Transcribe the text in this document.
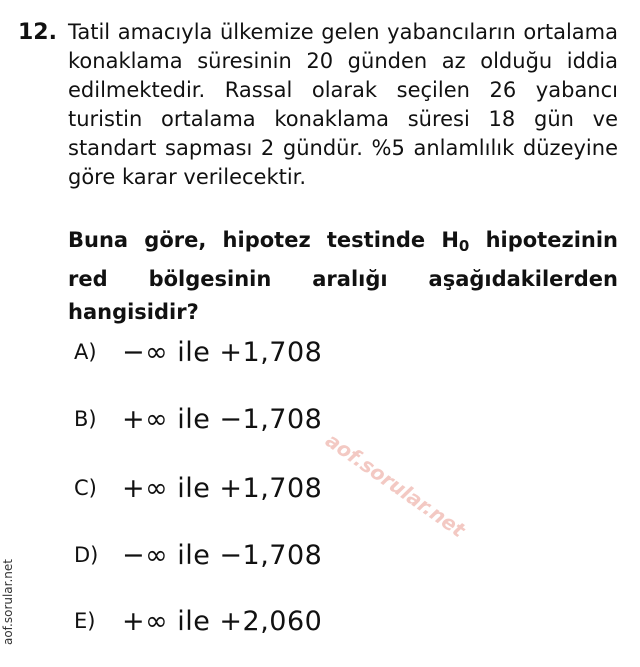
12. Tatil amacıyla ülkemize gelen yabancıların ortalama konaklama süresinin 20 günden az olduğu iddia edilmektedir. Rassal olarak seçilen 26 yabancı turistin ortalama konaklama süresi 18 gün ve standart sapması 2 gündür. %5 anlamlılık düzeyine göre karar verilecektir.
Buna göre, hipotez testinde $H_0$ hipotezinin red bölgesinin aralığı aşağıdakilerden hangisidir?
A) −∞ ile +1,708
B) +∞ ile −1,708
C) +∞ ile +1,708
D) −∞ ile −1,708
E) +∞ ile +2,060
aof.sorular.net
aof.sorular.net
